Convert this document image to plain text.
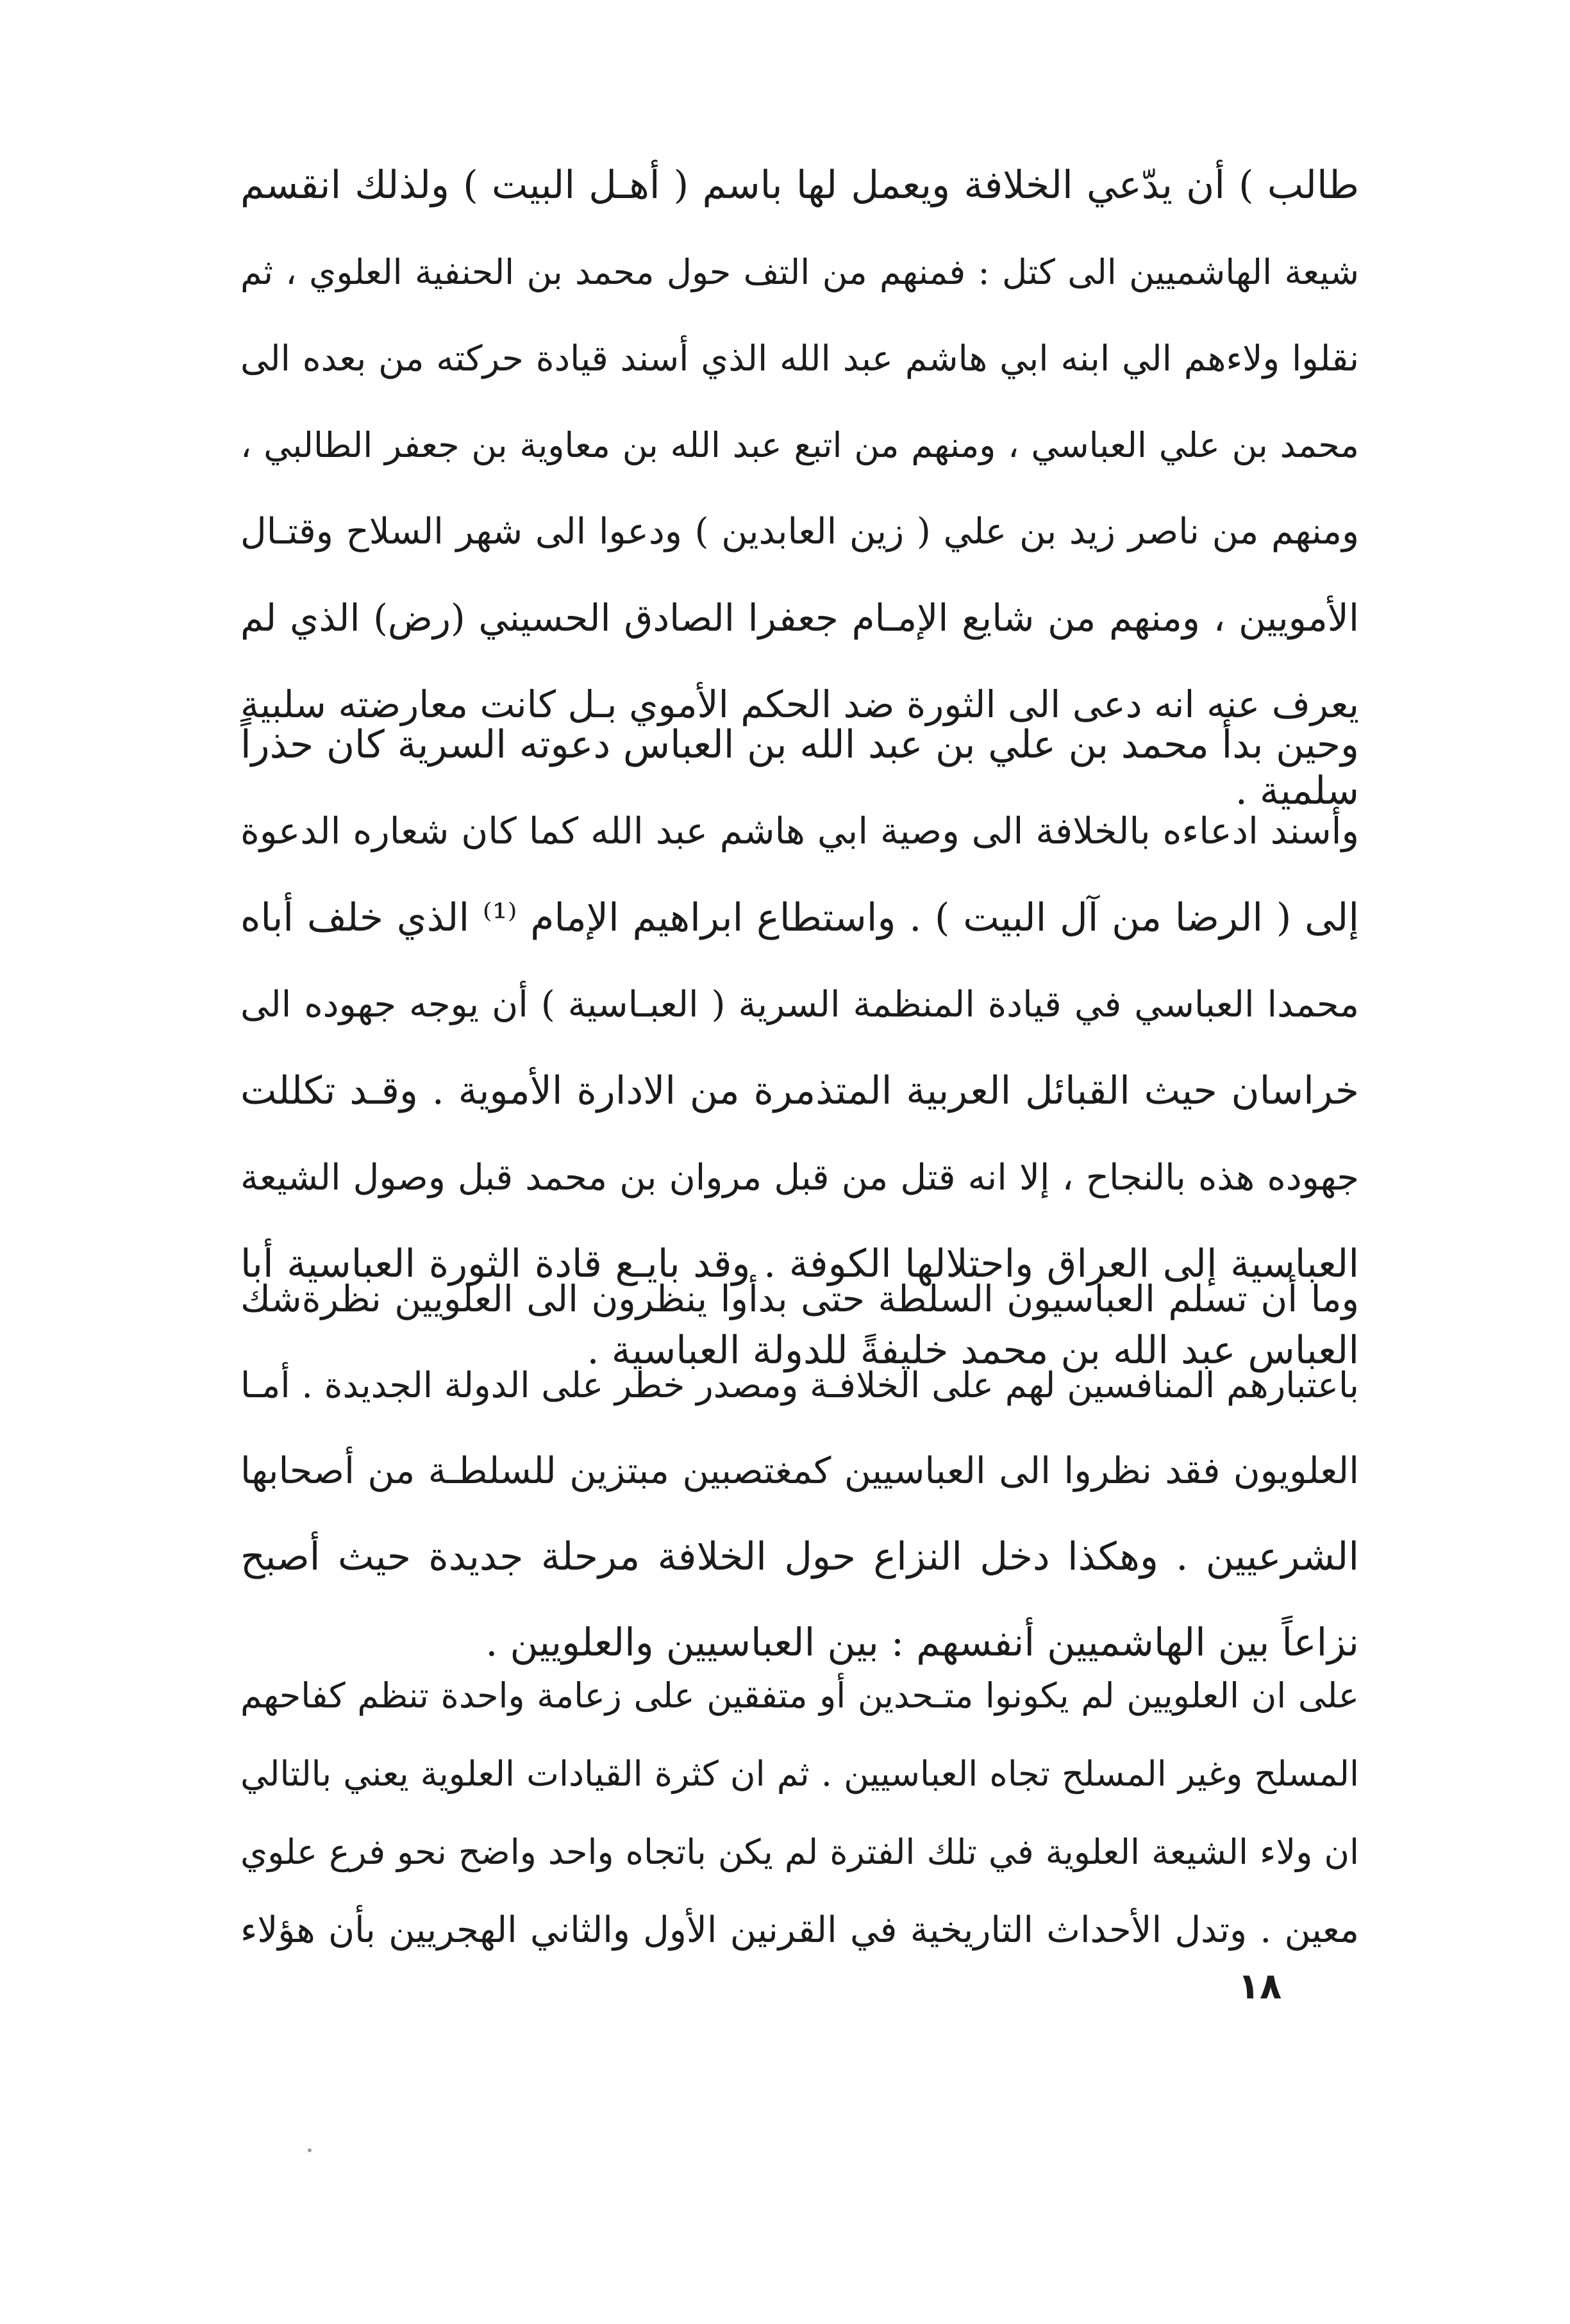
طالب ) أن يدّعي الخلافة ويعمل لها باسم ( أهـل البيت ) ولذلك انقسم
شيعة الهاشميين الى كتل : فمنهم من التف حول محمد بن الحنفية العلوي ، ثم
نقلوا ولاءهم الي ابنه ابي هاشم عبد الله الذي أسند قيادة حركته من بعده الى
محمد بن علي العباسي ، ومنهم من اتبع عبد الله بن معاوية بن جعفر الطالبي ،
ومنهم من ناصر زيد بن علي ( زين العابدين ) ودعوا الى شهر السلاح وقتـال
الأمويين ، ومنهم من شايع الإمـام جعفرا الصادق الحسيني (رض) الذي لم
يعرف عنه انه دعى الى الثورة ضد الحكم الأموي بـل كانت معارضته سلبية
سلمية .
وحين بدأ محمد بن علي بن عبد الله بن العباس دعوته السرية كان حذراً
وأسند ادعاءه بالخلافة الى وصية ابي هاشم عبد الله كما كان شعاره الدعوة
إلى ( الرضا من آل البيت ) . واستطاع ابراهيم الإمام ⁽¹⁾ الذي خلف أباه
محمدا العباسي في قيادة المنظمة السرية ( العبـاسية ) أن يوجه جهوده الى
خراسان حيث القبائل العربية المتذمرة من الادارة الأموية . وقـد تكللت
جهوده هذه بالنجاح ، إلا انه قتل من قبل مروان بن محمد قبل وصول الشيعة
العباسية إلى العراق واحتلالها الكوفة . وقد بايـع قادة الثورة العباسية أبا
العباس عبد الله بن محمد خليفةً للدولة العباسية .
وما أن تسلم العباسيون السلطة حتى بدأوا ينظرون الى العلويين نظرةشك
باعتبارهم المنافسين لهم على الخلافـة ومصدر خطر على الدولة الجديدة . أمـا
العلويون فقد نظروا الى العباسيين كمغتصبين مبتزين للسلطـة من أصحابها
الشرعيين . وهكذا دخل النزاع حول الخلافة مرحلة جديدة حيث أصبح
نزاعاً بين الهاشميين أنفسهم : بين العباسيين والعلويين .
على ان العلويين لم يكونوا متـحدين أو متفقين على زعامة واحدة تنظم كفاحهم
المسلح وغير المسلح تجاه العباسيين . ثم ان كثرة القيادات العلوية يعني بالتالي
ان ولاء الشيعة العلوية في تلك الفترة لم يكن باتجاه واحد واضح نحو فرع علوي
معين . وتدل الأحداث التاريخية في القرنين الأول والثاني الهجريين بأن هؤلاء
١٨
